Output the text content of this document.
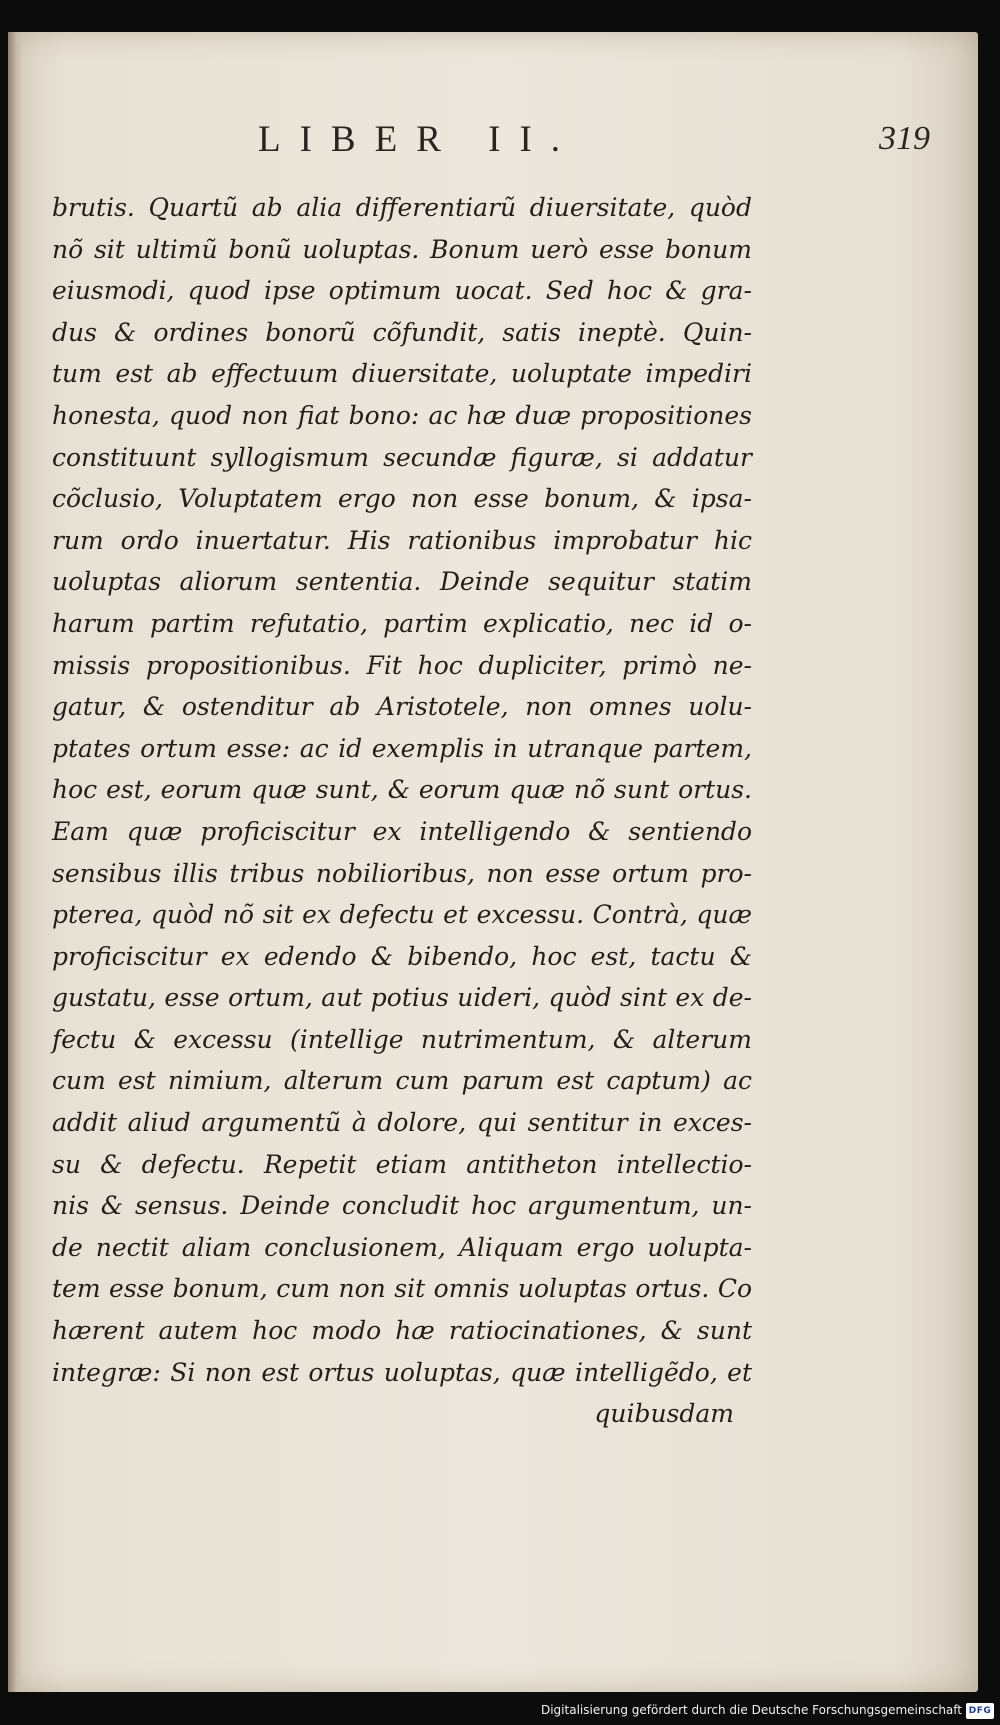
LIBER II.	319
brutis. Quartũ ab alia differentiarũ diuersitate, quòd
nõ sit ultimũ bonũ uoluptas. Bonum uerò esse bonum
eiusmodi, quod ipse optimum uocat. Sed hoc & gra-
dus & ordines bonorũ cõfundit, satis ineptè. Quin-
tum est ab effectuum diuersitate, uoluptate impediri
honesta, quod non fiat bono: ac hæ duæ propositiones
constituunt syllogismum secundæ figuræ, si addatur
cõclusio, Voluptatem ergo non esse bonum, & ipsa-
rum ordo inuertatur. His rationibus improbatur hic
uoluptas aliorum sententia. Deinde sequitur statim
harum partim refutatio, partim explicatio, nec id o-
missis propositionibus. Fit hoc dupliciter, primò ne-
gatur, & ostenditur ab Aristotele, non omnes uolu-
ptates ortum esse: ac id exemplis in utranque partem,
hoc est, eorum quæ sunt, & eorum quæ nõ sunt ortus.
Eam quæ proficiscitur ex intelligendo & sentiendo
sensibus illis tribus nobilioribus, non esse ortum pro-
pterea, quòd nõ sit ex defectu et excessu. Contrà, quæ
proficiscitur ex edendo & bibendo, hoc est, tactu &
gustatu, esse ortum, aut potius uideri, quòd sint ex de-
fectu & excessu (intellige nutrimentum, & alterum
cum est nimium, alterum cum parum est captum) ac
addit aliud argumentũ à dolore, qui sentitur in exces-
su & defectu. Repetit etiam antitheton intellectio-
nis & sensus. Deinde concludit hoc argumentum, un-
de nectit aliam conclusionem, Aliquam ergo uolupta-
tem esse bonum, cum non sit omnis uoluptas ortus. Co
hærent autem hoc modo hæ ratiocinationes, & sunt
integræ: Si non est ortus uoluptas, quæ intelligẽdo, et
quibusdam
Digitalisierung gefördert durch die Deutsche Forschungsgemeinschaft DFG
